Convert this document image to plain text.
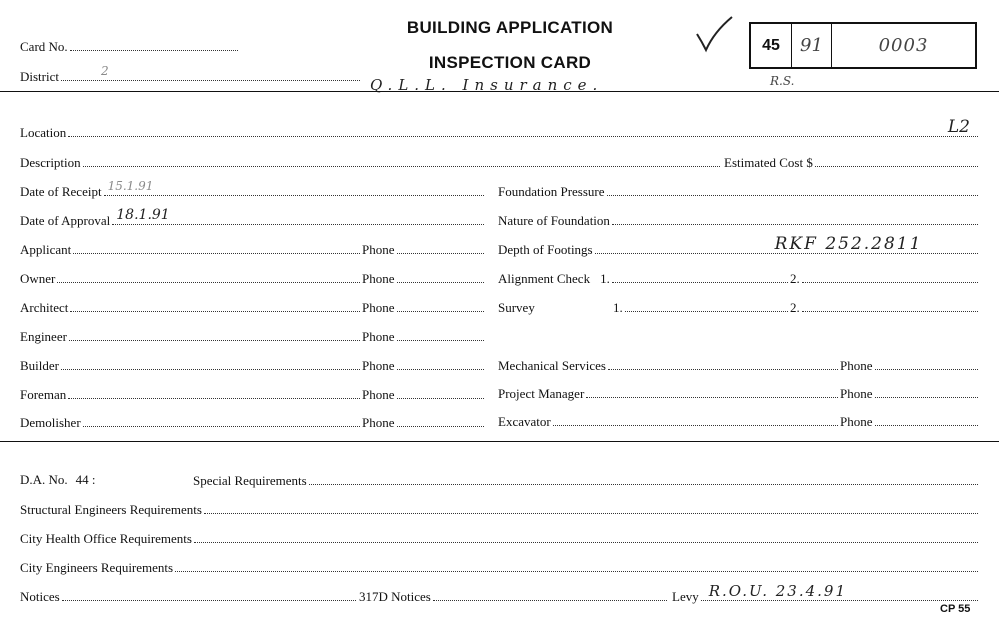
Card No.
District	2
BUILDING APPLICATION
INSPECTION CARD
Q.L.L. Insurance.
45	91	0003
R.S.
Location	L2
Description	Estimated Cost $
Date of Receipt 15.1.91
Date of Approval 18.1.91
Applicant	Phone
Owner	Phone
Architect	Phone
Engineer	Phone
Builder	Phone
Foreman	Phone
Demolisher	Phone
Foundation Pressure
Nature of Foundation
Depth of Footings	RKF 252.2811
Alignment Check 1.	2.
Survey	1.	2.
Mechanical Services	Phone
Project Manager	Phone
Excavator	Phone
D.A. No. 44 :	Special Requirements
Structural Engineers Requirements
City Health Office Requirements
City Engineers Requirements
Notices	317D Notices	Levy R.O.U. 23.4.91
CP 55
